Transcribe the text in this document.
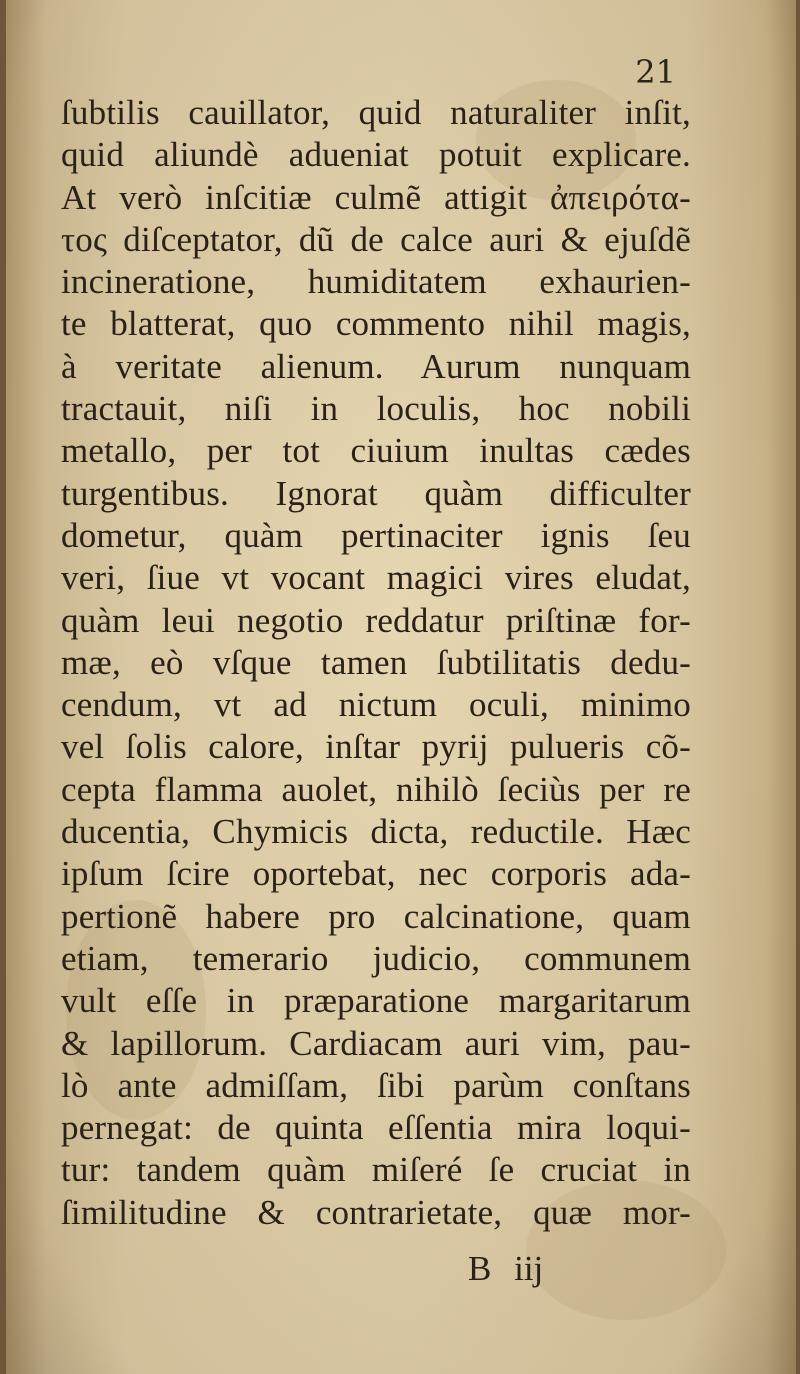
21

ſubtilis cauillator, quid naturaliter inſit,

quid aliundè adueniat potuit explicare.

At verò inſcitiæ culmẽ attigit ἀπειρότα-

τος diſceptator, dũ de calce auri & ejuſdẽ

incineratione, humiditatem exhaurien-

te blatterat, quo commento nihil magis,

à veritate alienum. Aurum nunquam

tractauit, niſi in loculis, hoc nobili

metallo, per tot ciuium inultas cædes

turgentibus. Ignorat quàm difficulter

dometur, quàm pertinaciter ignis ſeu

veri, ſiue vt vocant magici vires eludat,

quàm leui negotio reddatur priſtinæ for-

mæ, eò vſque tamen ſubtilitatis dedu-

cendum, vt ad nictum oculi, minimo

vel ſolis calore, inſtar pyrij pulueris cõ-

cepta flamma auolet, nihilò ſeciùs per re

ducentia, Chymicis dicta, reductile. Hæc

ipſum ſcire oportebat, nec corporis ada-

pertionẽ habere pro calcinatione, quam

etiam, temerario judicio, communem

vult eſſe in præparatione margaritarum

& lapillorum. Cardiacam auri vim, pau-

lò ante admiſſam, ſibi parùm conſtans

pernegat: de quinta eſſentia mira loqui-

tur: tandem quàm miſeré ſe cruciat in

ſimilitudine & contrarietate, quæ mor-

B iij
